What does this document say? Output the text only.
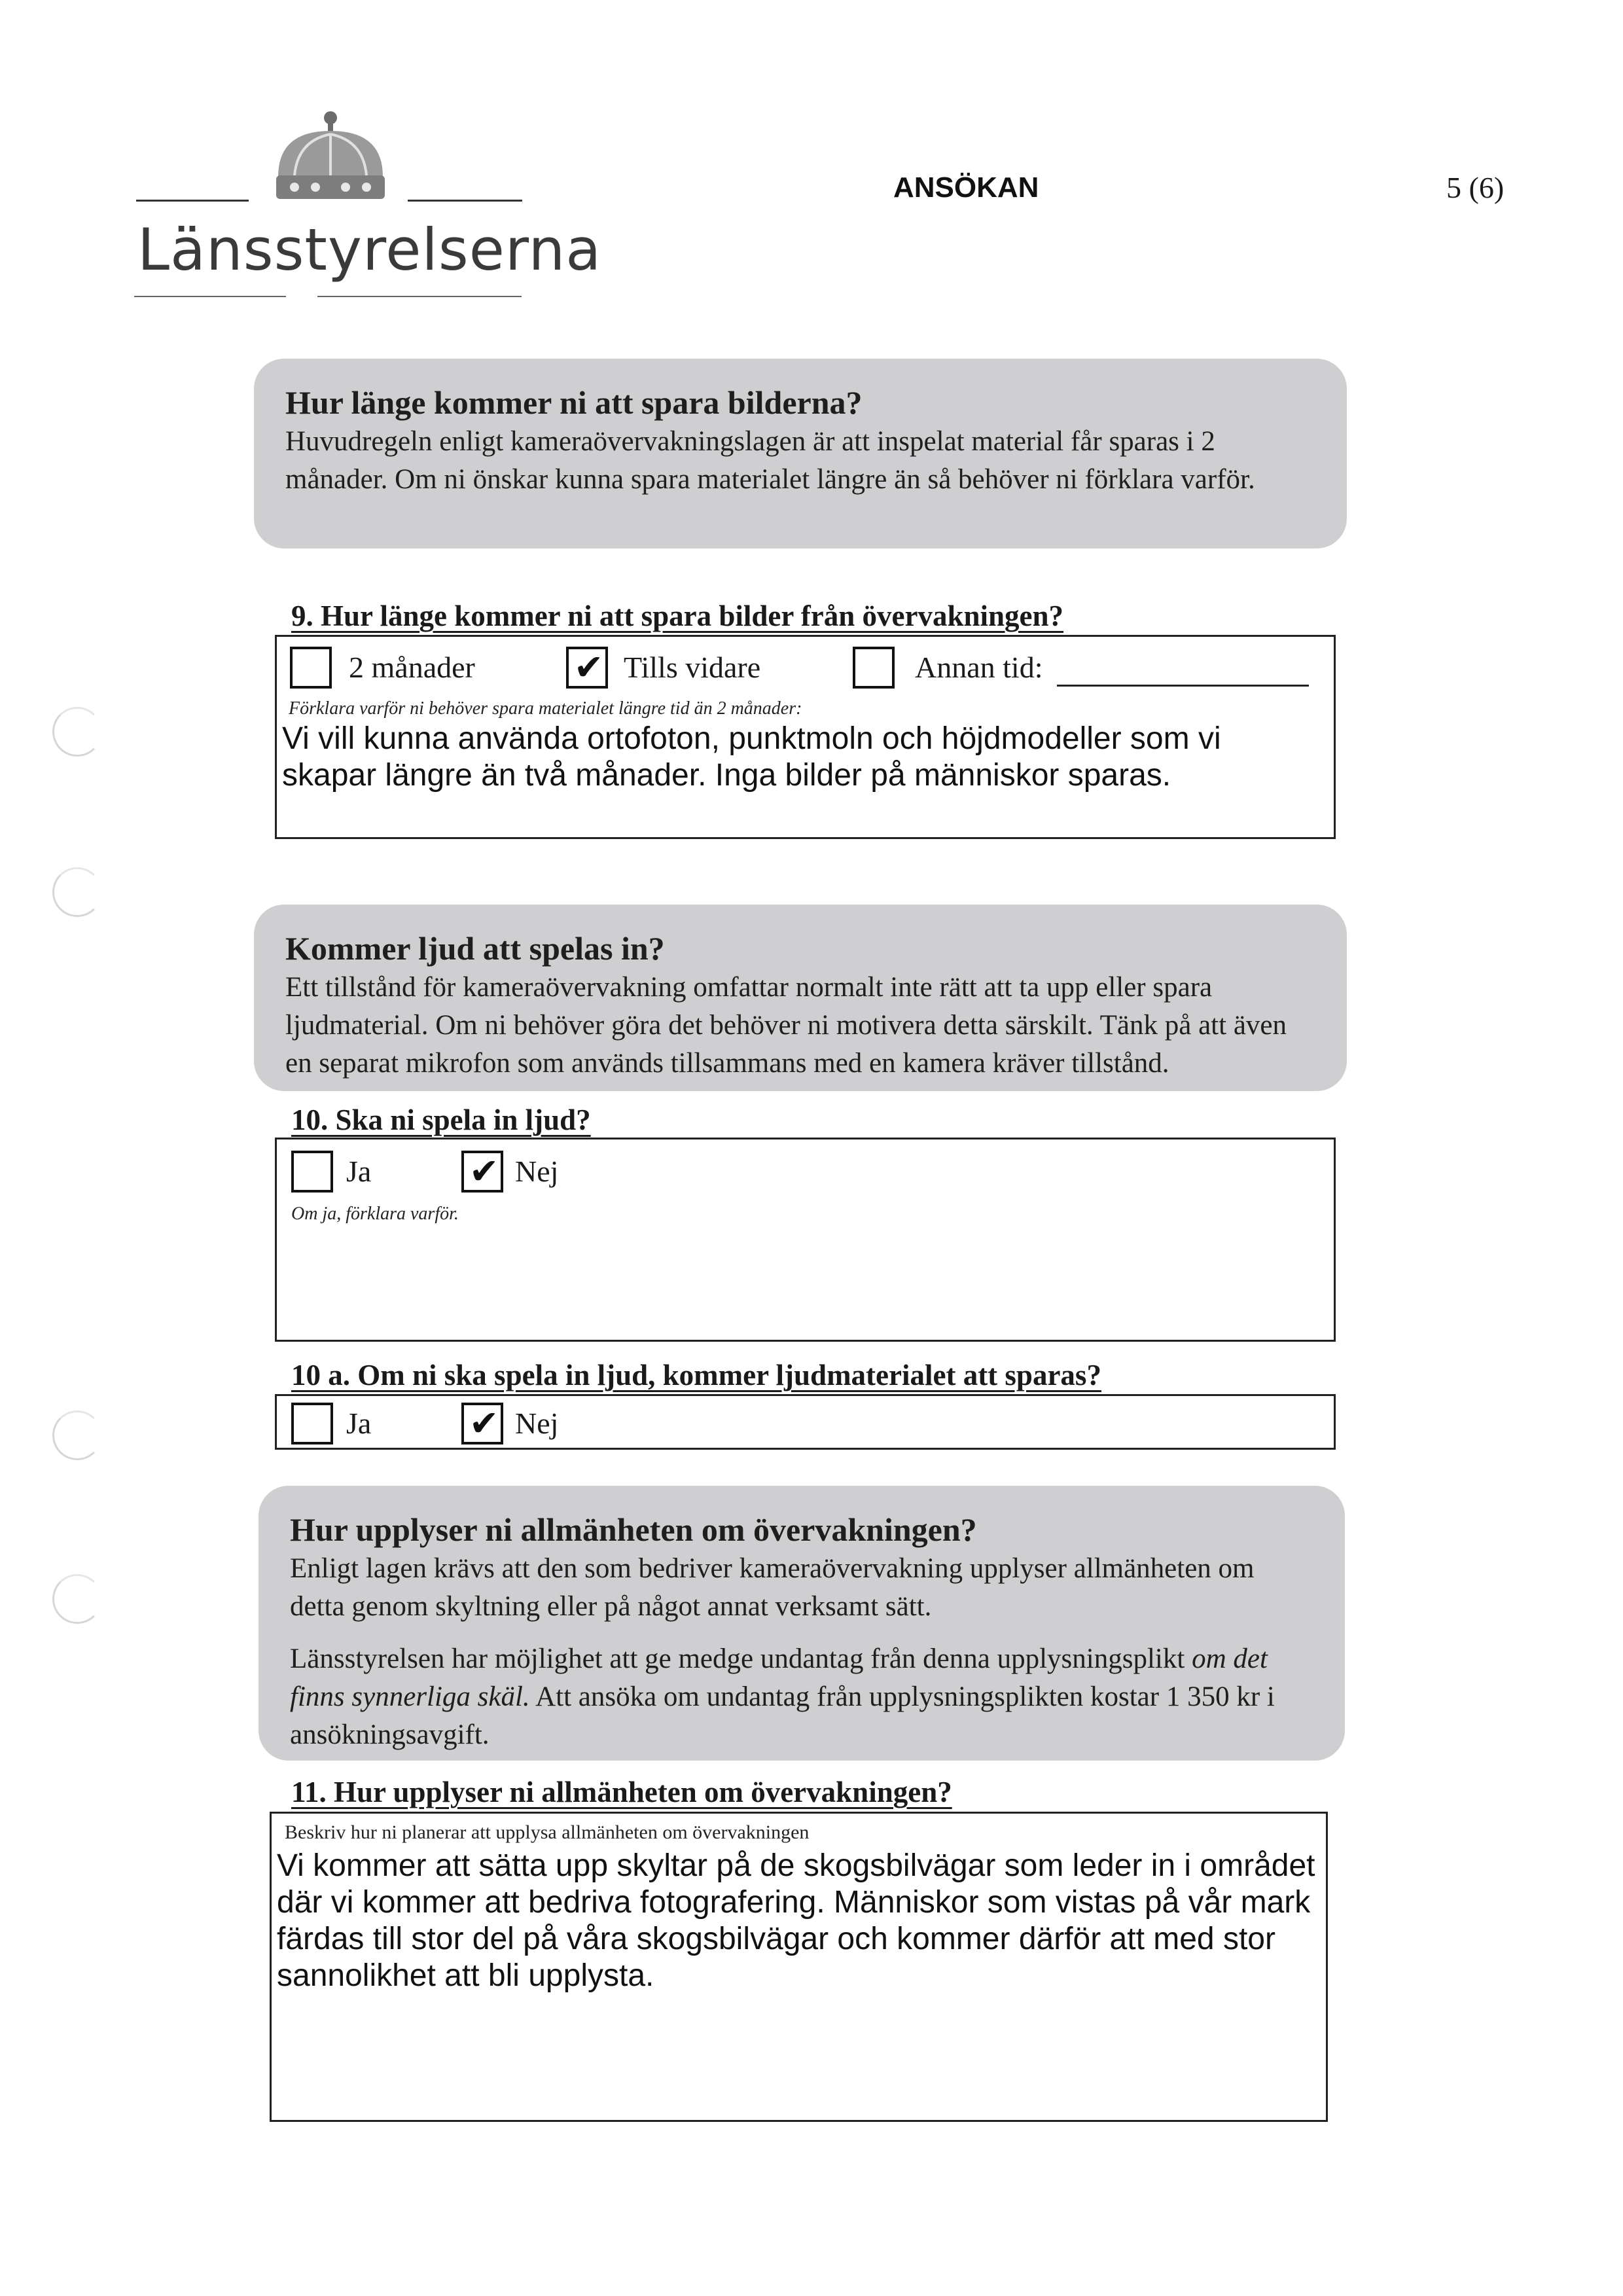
Länsstyrelserna
ANSÖKAN	5 (6)
Hur länge kommer ni att spara bilderna?

Huvudregeln enligt kameraövervakningslagen är att inspelat material får sparas i 2 månader. Om ni önskar kunna spara materialet längre än så behöver ni förklara varför.

9. Hur länge kommer ni att spara bilder från övervakningen?
2 månader ✔	Tills vidare	Annan tid:
Förklara varför ni behöver spara materialet längre tid än 2 månader:
Vi vill kunna använda ortofoton, punktmoln och höjdmodeller som vi skapar längre än två månader. Inga bilder på människor sparas.
Kommer ljud att spelas in?

Ett tillstånd för kameraövervakning omfattar normalt inte rätt att ta upp eller spara ljudmaterial. Om ni behöver göra det behöver ni motivera detta särskilt. Tänk på att även en separat mikrofon som används tillsammans med en kamera kräver tillstånd.

10. Ska ni spela in ljud?
Ja ✔	Nej
Om ja, förklara varför.
10 a. Om ni ska spela in ljud, kommer ljudmaterialet att sparas?
Ja ✔	Nej
Hur upplyser ni allmänheten om övervakningen?

Enligt lagen krävs att den som bedriver kameraövervakning upplyser allmänheten om detta genom skyltning eller på något annat verksamt sätt.

Länsstyrelsen har möjlighet att ge medge undantag från denna upplysningsplikt om det finns synnerliga skäl. Att ansöka om undantag från upplysningsplikten kostar 1 350 kr i ansökningsavgift.

11. Hur upplyser ni allmänheten om övervakningen?
Beskriv hur ni planerar att upplysa allmänheten om övervakningen
Vi kommer att sätta upp skyltar på de skogsbilvägar som leder in i området där vi kommer att bedriva fotografering. Människor som vistas på vår mark färdas till stor del på våra skogsbilvägar och kommer därför att med stor sannolikhet att bli upplysta.
